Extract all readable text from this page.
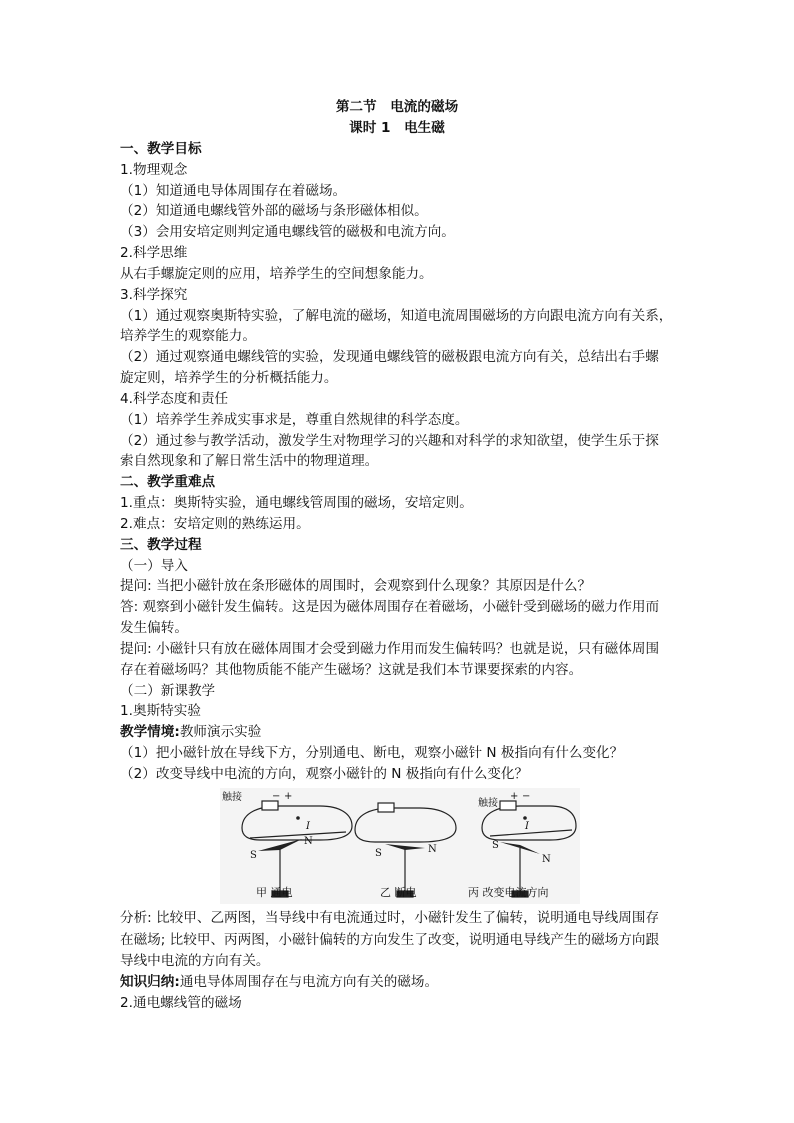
第二节　电流的磁场
课时 1　电生磁
一、教学目标
1.物理观念
（1）知道通电导体周围存在着磁场。
（2）知道通电螺线管外部的磁场与条形磁体相似。
（3）会用安培定则判定通电螺线管的磁极和电流方向。
2.科学思维
从右手螺旋定则的应用，培养学生的空间想象能力。
3.科学探究
（1）通过观察奥斯特实验，了解电流的磁场，知道电流周围磁场的方向跟电流方向有关系，
培养学生的观察能力。
（2）通过观察通电螺线管的实验，发现通电螺线管的磁极跟电流方向有关，总结出右手螺
旋定则，培养学生的分析概括能力。
4.科学态度和责任
（1）培养学生养成实事求是，尊重自然规律的科学态度。
（2）通过参与教学活动，激发学生对物理学习的兴趣和对科学的求知欲望，使学生乐于探
索自然现象和了解日常生活中的物理道理。
二、教学重难点
1.重点：奥斯特实验，通电螺线管周围的磁场，安培定则。
2.难点：安培定则的熟练运用。
三、教学过程
（一）导入
提问: 当把小磁针放在条形磁体的周围时，会观察到什么现象？其原因是什么？
答: 观察到小磁针发生偏转。这是因为磁体周围存在着磁场，小磁针受到磁场的磁力作用而
发生偏转。
提问: 小磁针只有放在磁体周围才会受到磁力作用而发生偏转吗？也就是说，只有磁体周围
存在着磁场吗？其他物质能不能产生磁场？这就是我们本节课要探索的内容。
（二）新课教学
1.奥斯特实验
教学情境:教师演示实验
（1）把小磁针放在导线下方，分别通电、断电，观察小磁针 N 极指向有什么变化？
（2）改变导线中电流的方向，观察小磁针的 N 极指向有什么变化？
触接	− +
I
S
N
甲 通电
S	N
乙 断电
触接
+ −
I
S
N
丙 改变电流方向
分析: 比较甲、乙两图，当导线中有电流通过时，小磁针发生了偏转，说明通电导线周围存
在磁场; 比较甲、丙两图，小磁针偏转的方向发生了改变，说明通电导线产生的磁场方向跟
导线中电流的方向有关。
知识归纳:通电导体周围存在与电流方向有关的磁场。
2.通电螺线管的磁场
